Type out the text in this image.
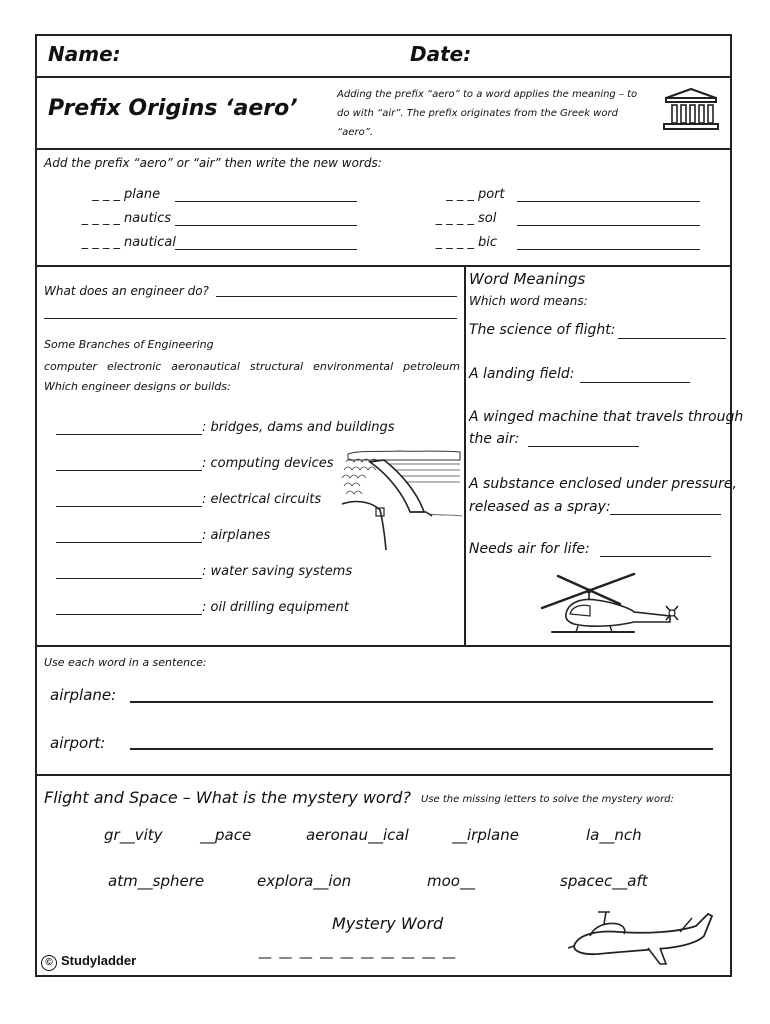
Name:	Date:
Prefix Origins ‘aero’
Adding the prefix “aero” to a word applies the meaning – to do with “air”. The prefix originates from the Greek word “aero”.
Add the prefix “aero” or “air” then write the new words:
_ _ _ plane
_ _ _ _ nautics
_ _ _ _ nautical
_ _ _ port
_ _ _ _ sol
_ _ _ _ bic
What does an engineer do?
Some Branches of Engineering
computer electronic aeronautical structural environmental petroleum
Which engineer designs or builds:
: bridges, dams and buildings
: computing devices
: electrical circuits
: airplanes
: water saving systems
: oil drilling equipment
Word Meanings
Which word means:
The science of flight:
A landing field:
A winged machine that travels through
the air:
A substance enclosed under pressure,
released as a spray:
Needs air for life:
Use each word in a sentence:
airplane:
airport:
Flight and Space – What is the mystery word? Use the missing letters to solve the mystery word:
gr__vity	__pace	aeronau__ical	__irplane	la__nch
atm__sphere	explora__ion	moo__	spacec__aft
Mystery Word
— — — — — — — — — —
© Studyladder
